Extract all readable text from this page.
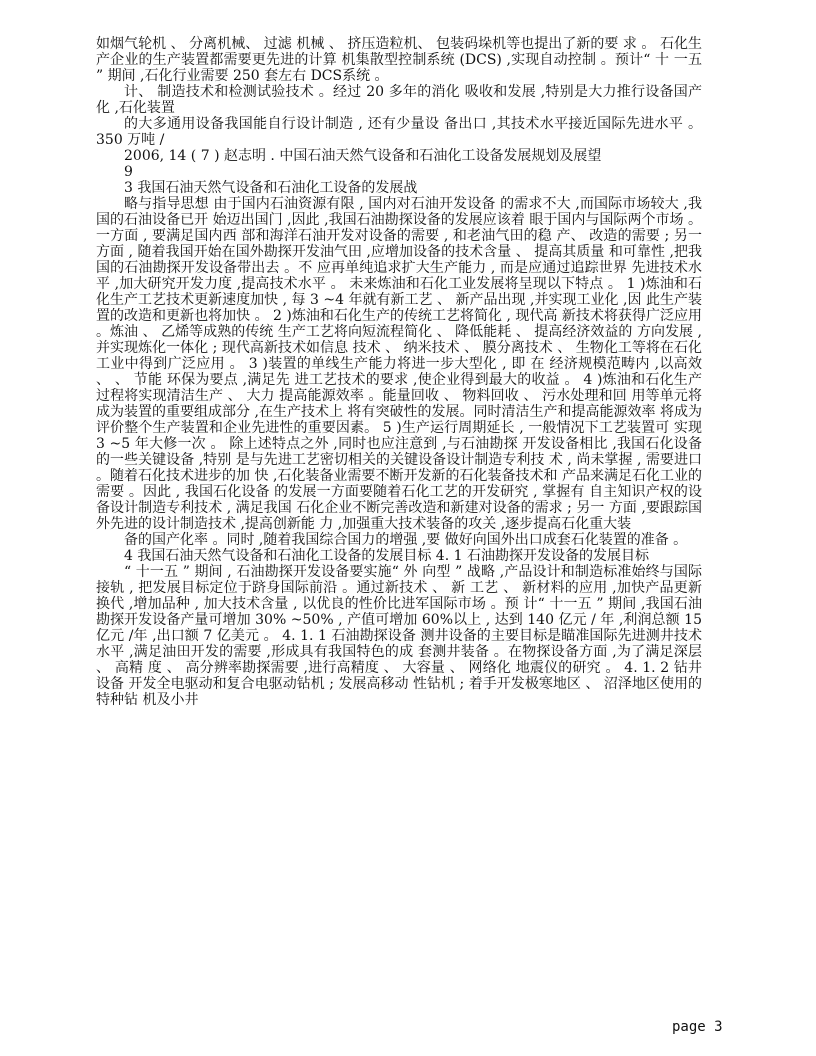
如烟气轮机 、 分离机械、 过滤 机械 、 挤压造粒机、 包装码垛机等也提出了新的要 求 。 石化生产企业的生产装置都需要更先进的计算 机集散型控制系统 (DCS) ,实现自动控制 。预计“ 十 一五 ” 期间 ,石化行业需要 250 套左右 DCS系统 。

计、 制造技术和检测试验技术 。经过 20 多年的消化 吸收和发展 ,特别是大力推行设备国产化 ,石化装置

的大多通用设备我国能自行设计制造 , 还有少量设 备出口 ,其技术水平接近国际先进水平 。 350 万吨 /

2006, 14 ( 7 ) 赵志明 . 中国石油天然气设备和石油化工设备发展规划及展望

9

3 我国石油天然气设备和石油化工设备的发展战

略与指导思想 由于国内石油资源有限 , 国内对石油开发设备 的需求不大 ,而国际市场较大 ,我国的石油设备已开 始迈出国门 ,因此 ,我国石油勘探设备的发展应该着 眼于国内与国际两个市场 。一方面 , 要满足国内西 部和海洋石油开发对设备的需要 , 和老油气田的稳 产、 改造的需要 ; 另一方面 , 随着我国开始在国外勘探开发油气田 ,应增加设备的技术含量 、 提高其质量 和可靠性 ,把我国的石油勘探开发设备带出去 。不 应再单纯追求扩大生产能力 , 而是应通过追踪世界 先进技术水平 ,加大研究开发力度 ,提高技术水平 。 未来炼油和石化工业发展将呈现以下特点 。 1 )炼油和石化生产工艺技术更新速度加快 , 每 3 ~4 年就有新工艺 、 新产品出现 ,并实现工业化 ,因 此生产装置的改造和更新也将加快 。 2 )炼油和石化生产的传统工艺将简化 , 现代高 新技术将获得广泛应用 。炼油 、 乙烯等成熟的传统 生产工艺将向短流程简化 、 降低能耗 、 提高经济效益的 方向发展 ,并实现炼化一体化 ; 现代高新技术如信息 技术 、 纳米技术 、 膜分离技术 、 生物化工等将在石化 工业中得到广泛应用 。 3 )装置的单线生产能力将进一步大型化 , 即 在 经济规模范畴内 ,以高效 、 、 节能 环保为要点 ,满足先 进工艺技术的要求 ,使企业得到最大的收益 。 4 )炼油和石化生产过程将实现清洁生产 、 大力 提高能源效率 。能量回收 、 物料回收 、 污水处理和回 用等单元将成为装置的重要组成部分 ,在生产技术上 将有突破性的发展。同时清洁生产和提高能源效率 将成为评价整个生产装置和企业先进性的重要因素。 5 )生产运行周期延长 , 一般情况下工艺装置可 实现 3 ~5 年大修一次 。 除上述特点之外 ,同时也应注意到 ,与石油勘探 开发设备相比 ,我国石化设备的一些关键设备 ,特别 是与先进工艺密切相关的关键设备设计制造专利技 术 , 尚未掌握 , 需要进口 。随着石化技术进步的加 快 ,石化装备业需要不断开发新的石化装备技术和 产品来满足石化工业的需要 。因此 , 我国石化设备 的发展一方面要随着石化工艺的开发研究 , 掌握有 自主知识产权的设备设计制造专利技术 , 满足我国 石化企业不断完善改造和新建对设备的需求 ; 另一 方面 ,要跟踪国外先进的设计制造技术 ,提高创新能 力 ,加强重大技术装备的攻关 ,逐步提高石化重大装

备的国产化率 。同时 ,随着我国综合国力的增强 ,要 做好向国外出口成套石化装置的准备 。

4 我国石油天然气设备和石油化工设备的发展目标 4. 1 石油勘探开发设备的发展目标

“ 十一五 ” 期间 , 石油勘探开发设备要实施“ 外 向型 ” 战略 ,产品设计和制造标准始终与国际接轨 , 把发展目标定位于跻身国际前沿 。通过新技术 、 新 工艺 、 新材料的应用 ,加快产品更新换代 ,增加品种 , 加大技术含量 , 以优良的性价比进军国际市场 。预 计“ 十一五 ” 期间 ,我国石油勘探开发设备产量可增加 30% ~50% , 产值可增加 60%以上 , 达到 140 亿元 / 年 ,利润总额 15 亿元 /年 ,出口额 7 亿美元 。 4. 1. 1 石油勘探设备 测井设备的主要目标是瞄准国际先进测井技术 水平 ,满足油田开发的需要 ,形成具有我国特色的成 套测井装备 。在物探设备方面 ,为了满足深层 、 高精 度 、 高分辨率勘探需要 ,进行高精度 、 大容量 、 网络化 地震仪的研究 。 4. 1. 2 钻井设备 开发全电驱动和复合电驱动钻机 ; 发展高移动 性钻机 ; 着手开发极寒地区 、 沼泽地区使用的特种钻 机及小井

page 3
